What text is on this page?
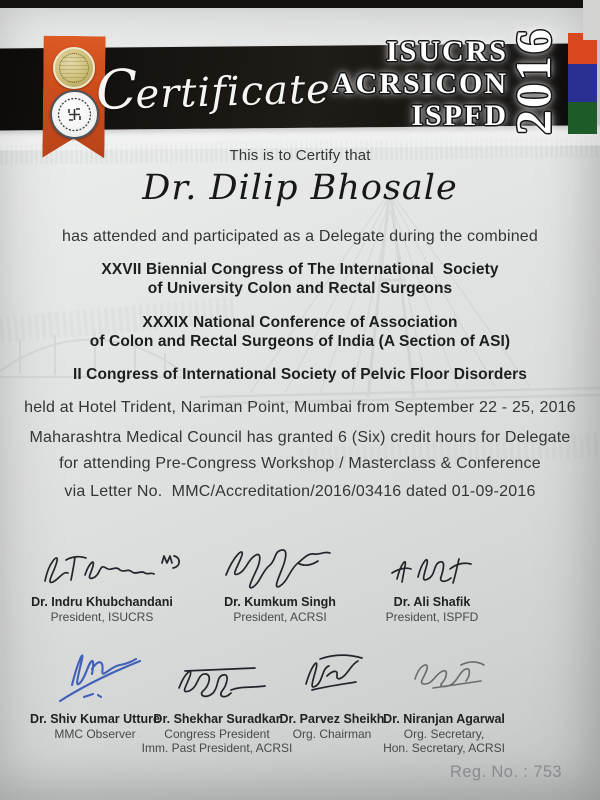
Certificate
ISUCRS
ACRSICON
ISPFD
2016
This is to Certify that
Dr. Dilip Bhosale
has attended and participated as a Delegate during the combined
XXVII Biennial Congress of The International  Society
of University Colon and Rectal Surgeons
XXXIX National Conference of Association
of Colon and Rectal Surgeons of India (A Section of ASI)
II Congress of International Society of Pelvic Floor Disorders
held at Hotel Trident, Nariman Point, Mumbai from September 22 - 25, 2016
Maharashtra Medical Council has granted 6 (Six) credit hours for Delegate
for attending Pre-Congress Workshop / Masterclass & Conference
via Letter No.  MMC/Accreditation/2016/03416 dated 01-09-2016
Dr. Indru Khubchandani
President, ISUCRS
Dr. Kumkum Singh
President, ACRSI
Dr. Ali Shafik
President, ISPFD
Dr. Shiv Kumar Utture
MMC Observer
Dr. Shekhar Suradkar
Congress President
Imm. Past President, ACRSI
Dr. Parvez Sheikh
Org. Chairman
Dr. Niranjan Agarwal
Org. Secretary,
Hon. Secretary, ACRSI
Reg. No. : 753
